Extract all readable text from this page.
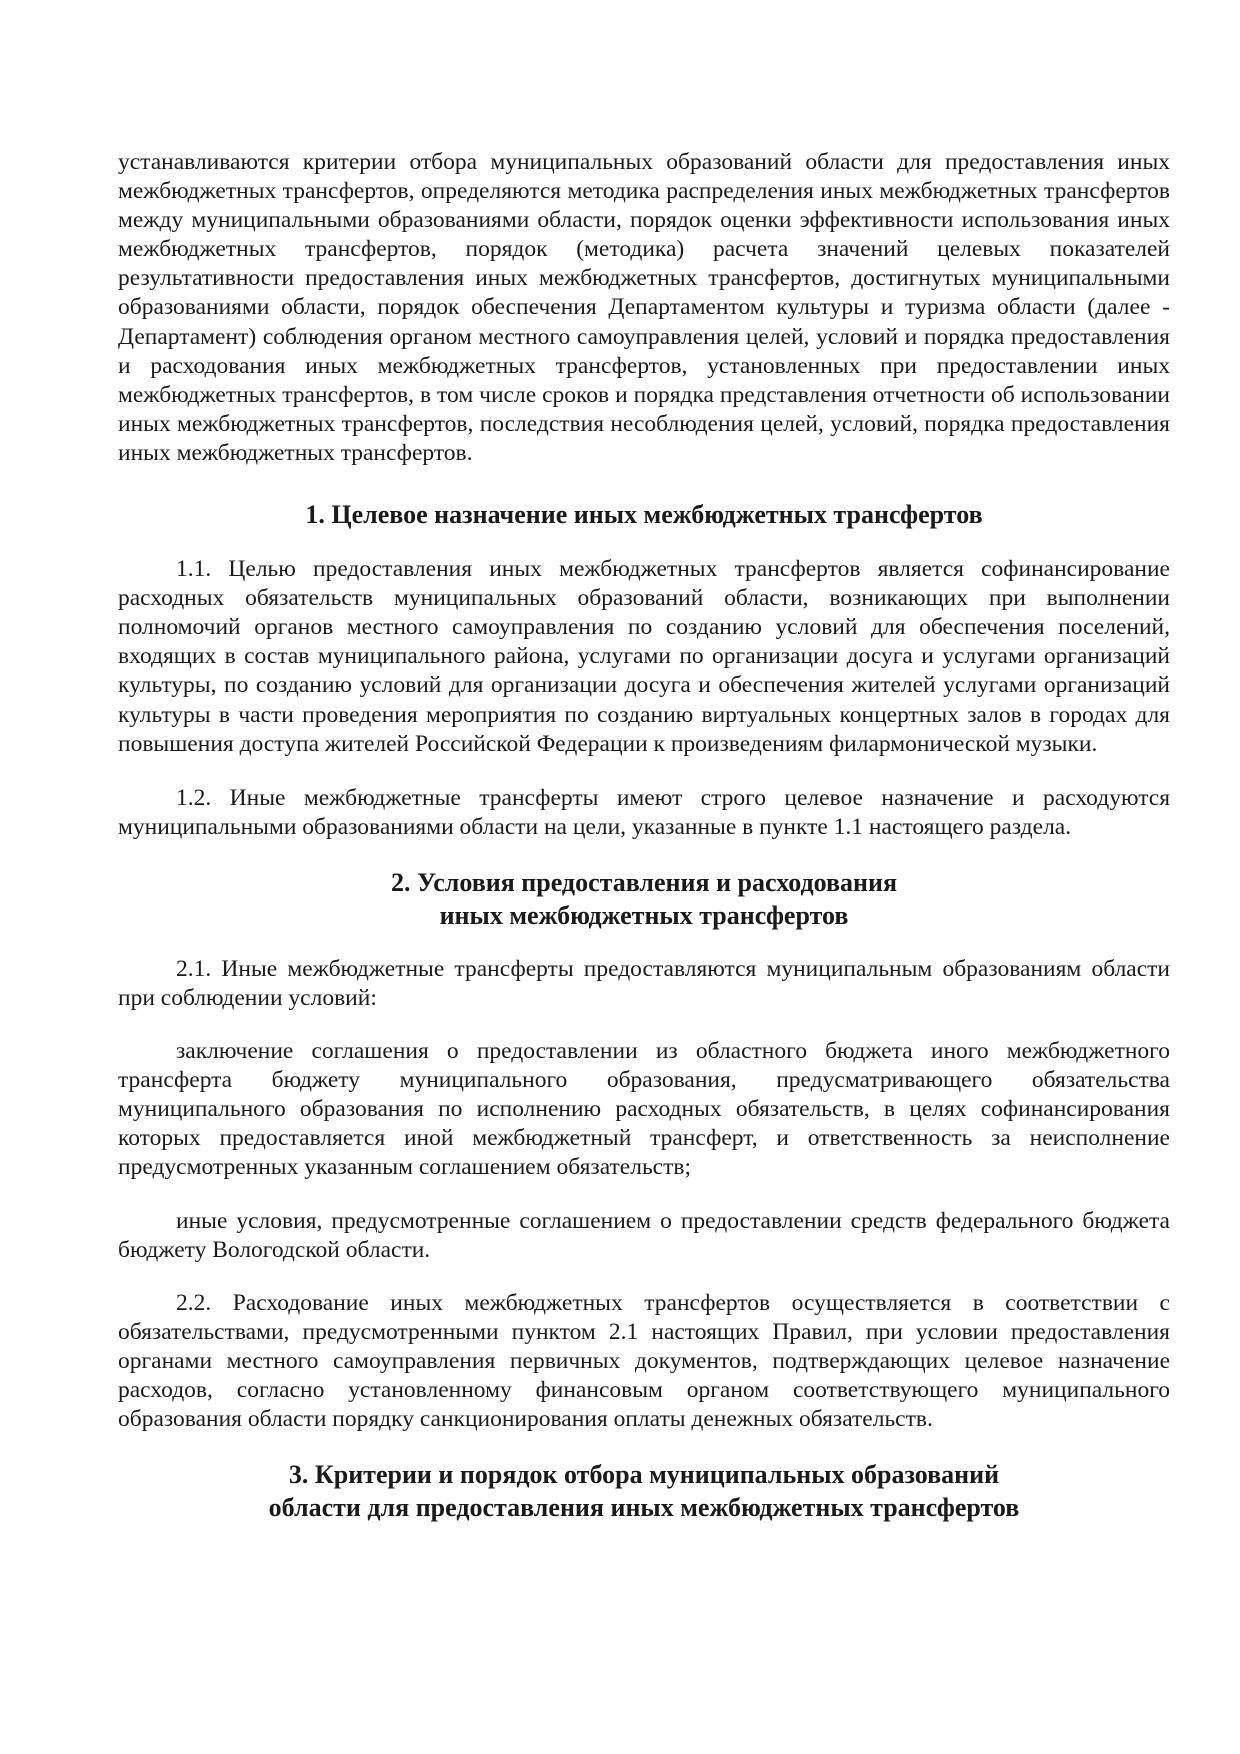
устанавливаются критерии отбора муниципальных образований области для предоставления иных межбюджетных трансфертов, определяются методика распределения иных межбюджетных трансфертов между муниципальными образованиями области, порядок оценки эффективности использования иных межбюджетных трансфертов, порядок (методика) расчета значений целевых показателей результативности предоставления иных межбюджетных трансфертов, достигнутых муниципальными образованиями области, порядок обеспечения Департаментом культуры и туризма области (далее - Департамент) соблюдения органом местного самоуправления целей, условий и порядка предоставления и расходования иных межбюджетных трансфертов, установленных при предоставлении иных межбюджетных трансфертов, в том числе сроков и порядка представления отчетности об использовании иных межбюджетных трансфертов, последствия несоблюдения целей, условий, порядка предоставления иных межбюджетных трансфертов.

1. Целевое назначение иных межбюджетных трансфертов

1.1. Целью предоставления иных межбюджетных трансфертов является софинансирование расходных обязательств муниципальных образований области, возникающих при выполнении полномочий органов местного самоуправления по созданию условий для обеспечения поселений, входящих в состав муниципального района, услугами по организации досуга и услугами организаций культуры, по созданию условий для организации досуга и обеспечения жителей услугами организаций культуры в части проведения мероприятия по созданию виртуальных концертных залов в городах для повышения доступа жителей Российской Федерации к произведениям филармонической музыки.

1.2. Иные межбюджетные трансферты имеют строго целевое назначение и расходуются муниципальными образованиями области на цели, указанные в пункте 1.1 настоящего раздела.

2. Условия предоставления и расходования
иных межбюджетных трансфертов

2.1. Иные межбюджетные трансферты предоставляются муниципальным образованиям области при соблюдении условий:

заключение соглашения о предоставлении из областного бюджета иного межбюджетного трансферта бюджету муниципального образования, предусматривающего обязательства муниципального образования по исполнению расходных обязательств, в целях софинансирования которых предоставляется иной межбюджетный трансферт, и ответственность за неисполнение предусмотренных указанным соглашением обязательств;

иные условия, предусмотренные соглашением о предоставлении средств федерального бюджета бюджету Вологодской области.

2.2. Расходование иных межбюджетных трансфертов осуществляется в соответствии с обязательствами, предусмотренными пунктом 2.1 настоящих Правил, при условии предоставления органами местного самоуправления первичных документов, подтверждающих целевое назначение расходов, согласно установленному финансовым органом соответствующего муниципального образования области порядку санкционирования оплаты денежных обязательств.

3. Критерии и порядок отбора муниципальных образований
области для предоставления иных межбюджетных трансфертов
